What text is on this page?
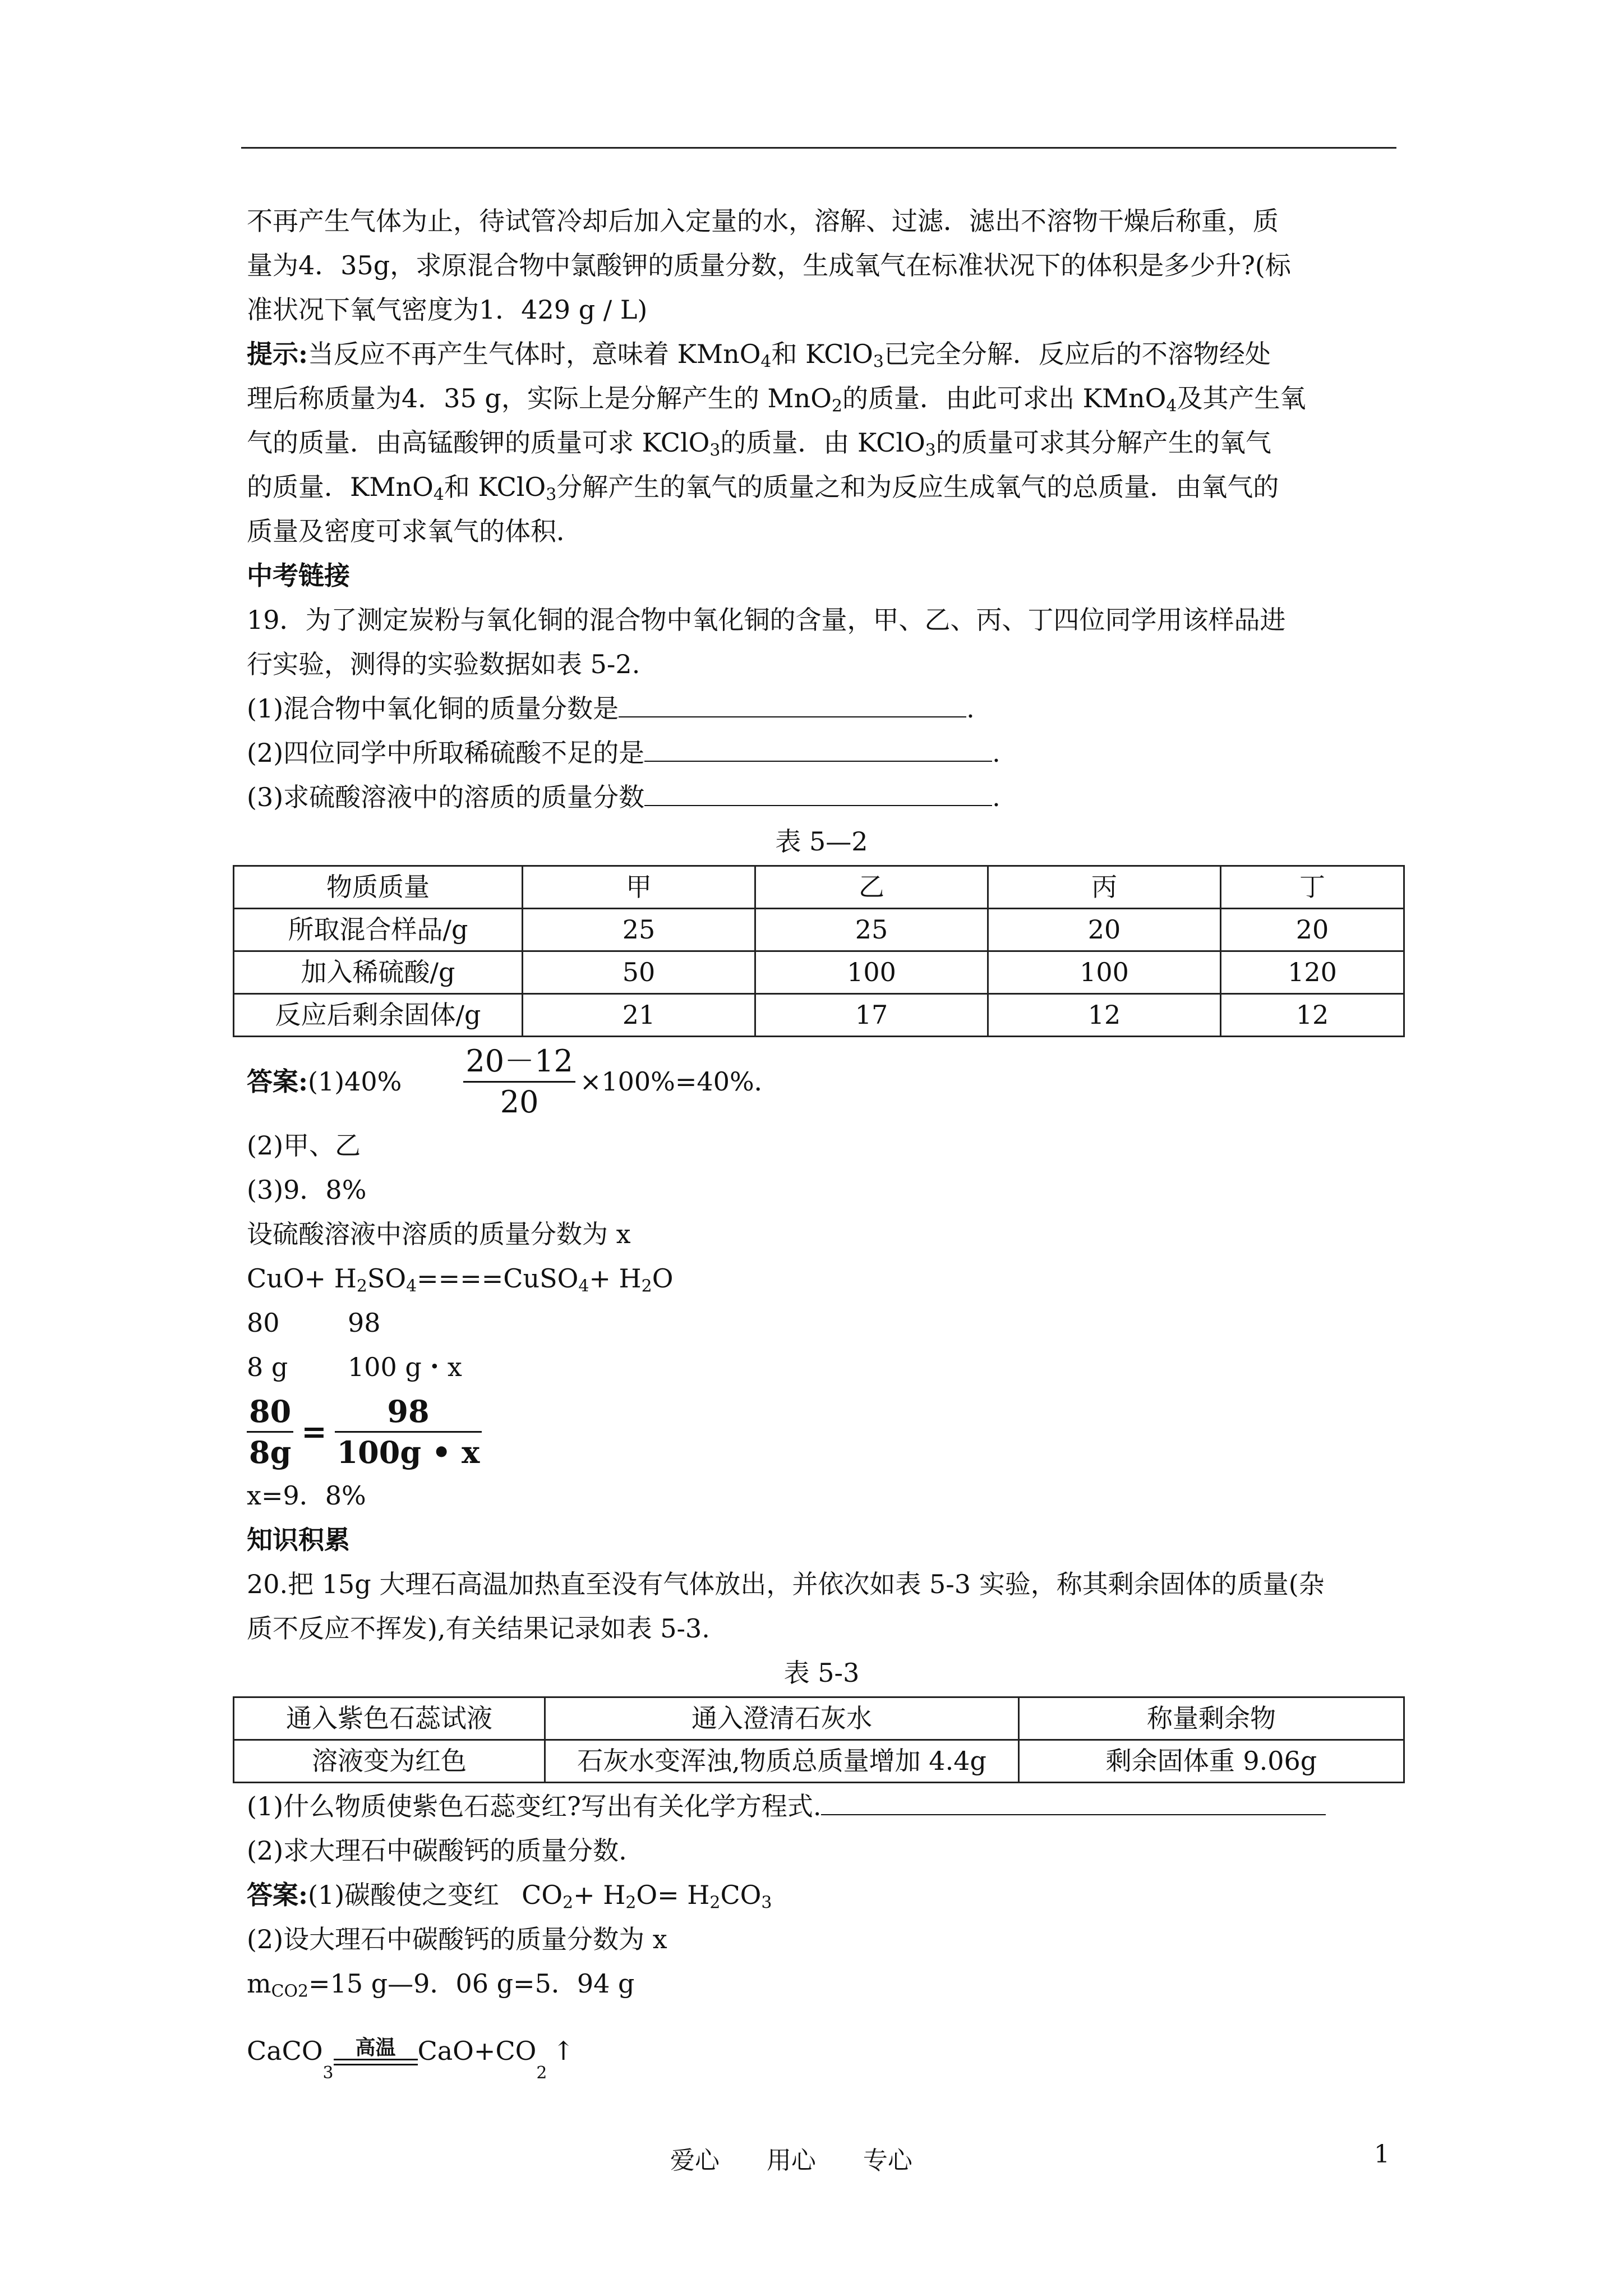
不再产生气体为止，待试管冷却后加入定量的水，溶解、过滤．滤出不溶物干燥后称重，质
量为4．35g，求原混合物中氯酸钾的质量分数，生成氧气在标准状况下的体积是多少升?(标
准状况下氧气密度为1．429 g / L)
提示:当反应不再产生气体时，意味着 KMnO$_4$和 KClO$_3$已完全分解．反应后的不溶物经处
理后称质量为4．35 g，实际上是分解产生的 MnO$_2$的质量．由此可求出 KMnO$_4$及其产生氧
气的质量．由高锰酸钾的质量可求 KClO$_3$的质量．由 KClO$_3$的质量可求其分解产生的氧气
的质量．KMnO$_4$和 KClO$_3$分解产生的氧气的质量之和为反应生成氧气的总质量．由氧气的
质量及密度可求氧气的体积．
中考链接
19．为了测定炭粉与氧化铜的混合物中氧化铜的含量，甲、乙、丙、丁四位同学用该样品进
行实验，测得的实验数据如表 5-2.
(1)混合物中氧化铜的质量分数是	.
(2)四位同学中所取稀硫酸不足的是	.
(3)求硫酸溶液中的溶质的质量分数	.
表 5—2
物质质量	甲	乙	丙	丁
所取混合样品/g	25	25	20	20
加入稀硫酸/g	50	100	100	120
反应后剩余固体/g	21	17	12	12
答案: $(1)40\% \frac{20-12}{20} \times 100\%=40\%$．
(2)甲、乙
(3)9．8%
设硫酸溶液中溶质的质量分数为 x
$CuO+ H_2SO_4====CuSO_4+ H_2O$
80	98
8 g 100 g・x
$\frac{80}{8g} = \frac{98}{100g • x}$
x=9．8%
知识积累
20.把 15g 大理石高温加热直至没有气体放出，并依次如表 5-3 实验，称其剩余固体的质量(杂
质不反应不挥发),有关结果记录如表 5-3.
表 5-3
通入紫色石蕊试液	通入澄清石灰水	称量剩余物
溶液变为红色	石灰水变浑浊,物质总质量增加 4.4g	剩余固体重 9.06g
(1)什么物质使紫色石蕊变红?写出有关化学方程式.
(2)求大理石中碳酸钙的质量分数.
答案:(1)碳酸使之变红 $CO_2+ H_2O= H_2CO_3$
(2)设大理石中碳酸钙的质量分数为 x
$m_{CO2}=15$ g—9．06 g=5．94 g
CaCO
3
高温 CaO+CO
2
↑
爱心      用心      专心	1
